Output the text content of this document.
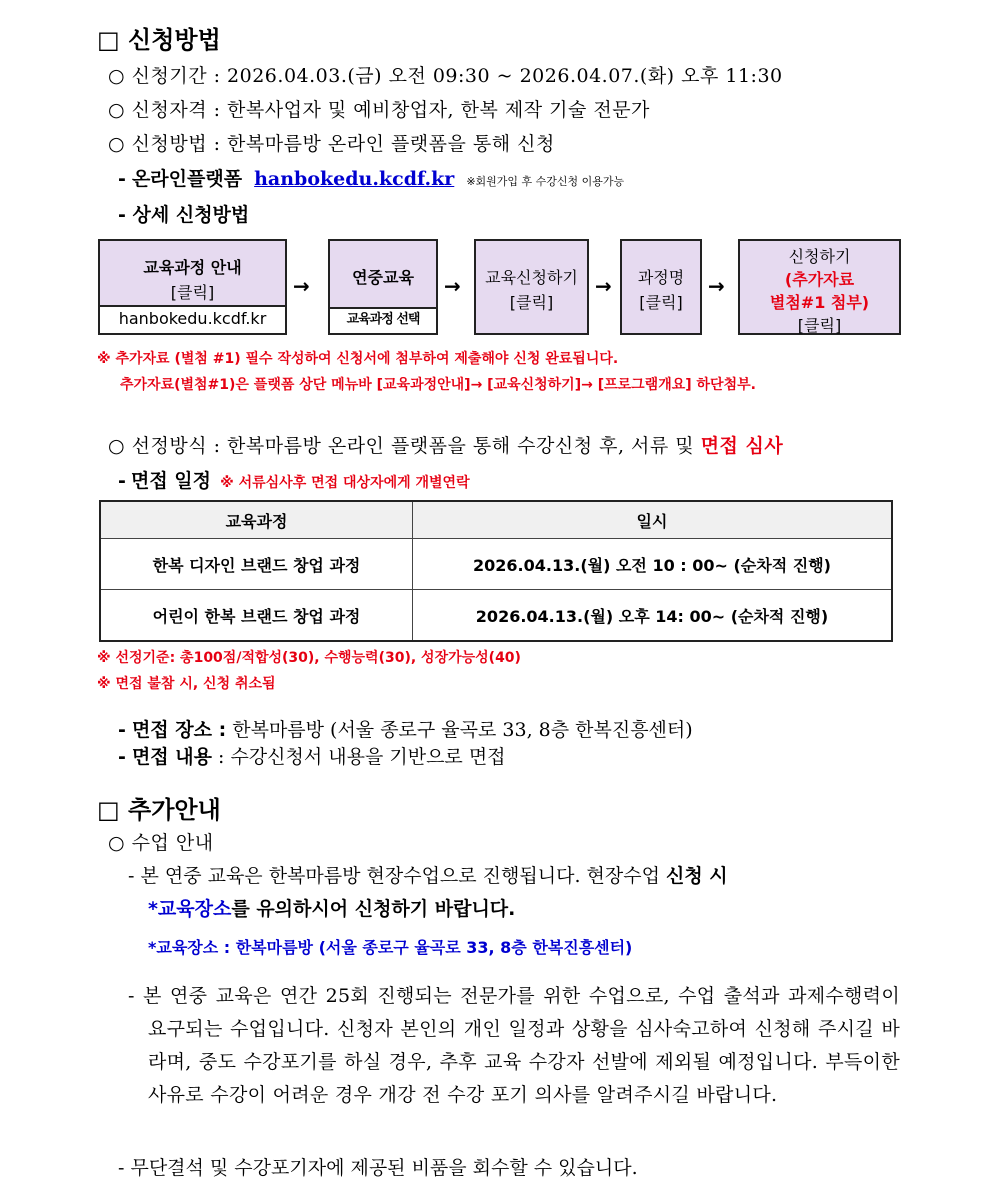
□ 신청방법
○ 신청기간 : 2026.04.03.(금) 오전 09:30 ~ 2026.04.07.(화) 오후 11:30
○ 신청자격 : 한복사업자 및 예비창업자, 한복 제작 기술 전문가
○ 신청방법 : 한복마름방 온라인 플랫폼을 통해 신청
- 온라인플랫폼 hanbokedu.kcdf.kr ※회원가입 후 수강신청 이용가능
- 상세 신청방법
교육과정 안내
[클릭]
hanbokedu.kcdf.kr
→	연중교육
교육과정 선택
→	교육신청하기
[클릭]
→	과정명
[클릭]
→
신청하기
(추가자료
별첨#1 첨부)
[클릭]
※ 추가자료 (별첨 #1) 필수 작성하여 신청서에 첨부하여 제출해야 신청 완료됩니다.
추가자료(별첨#1)은 플랫폼 상단 메뉴바 [교육과정안내]→ [교육신청하기]→ [프로그램개요] 하단첨부.
○ 선정방식 : 한복마름방 온라인 플랫폼을 통해 수강신청 후, 서류 및 면접 심사
- 면접 일정 ※ 서류심사후 면접 대상자에게 개별연락
교육과정	일시
한복 디자인 브랜드 창업 과정	2026.04.13.(월) 오전 10 : 00~ (순차적 진행)
어린이 한복 브랜드 창업 과정	2026.04.13.(월) 오후 14: 00~ (순차적 진행)
※ 선정기준: 총100점/적합성(30), 수행능력(30), 성장가능성(40)
※ 면접 불참 시, 신청 취소됨
- 면접 장소 : 한복마름방 (서울 종로구 율곡로 33, 8층 한복진흥센터)
- 면접 내용 : 수강신청서 내용을 기반으로 면접
□ 추가안내
○ 수업 안내
- 본 연중 교육은 한복마름방 현장수업으로 진행됩니다. 현장수업 신청 시
*교육장소를 유의하시어 신청하기 바랍니다.
*교육장소 : 한복마름방 (서울 종로구 율곡로 33, 8층 한복진흥센터)
- 본 연중 교육은 연간 25회 진행되는 전문가를 위한 수업으로, 수업 출석과 과제수행력이 요구되는 수업입니다. 신청자 본인의 개인 일정과 상황을 심사숙고하여 신청해 주시길 바라며, 중도 수강포기를 하실 경우, 추후 교육 수강자 선발에 제외될 예정입니다. 부득이한 사유로 수강이 어려운 경우 개강 전 수강 포기 의사를 알려주시길 바랍니다.
- 무단결석 및 수강포기자에 제공된 비품을 회수할 수 있습니다.
